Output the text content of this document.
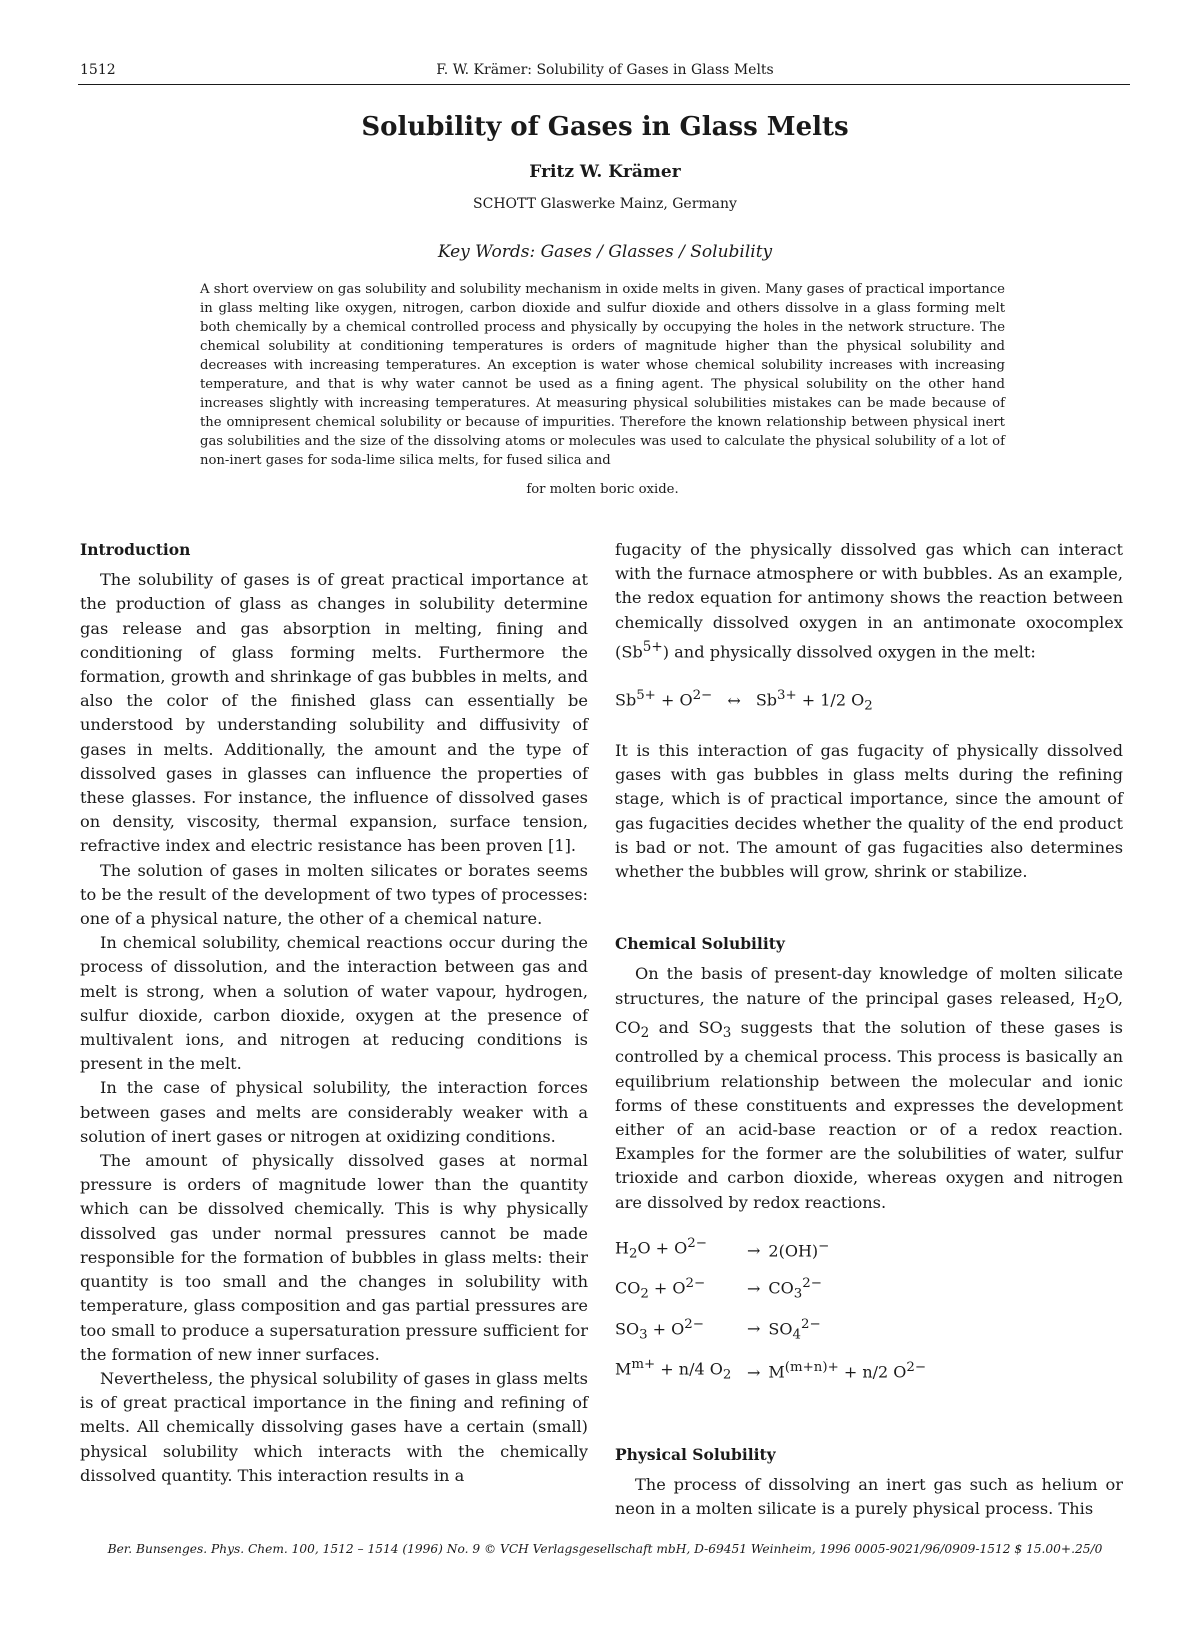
1512	F. W. Krämer: Solubility of Gases in Glass Melts
Solubility of Gases in Glass Melts
Fritz W. Krämer
SCHOTT Glaswerke Mainz, Germany
Key Words: Gases / Glasses / Solubility

A short overview on gas solubility and solubility mechanism in oxide melts in given. Many gases of practical importance in glass melting like oxygen, nitrogen, carbon dioxide and sulfur dioxide and others dissolve in a glass forming melt both chemically by a chemical controlled process and physically by occupying the holes in the network structure. The chemical solubility at conditioning temperatures is orders of magnitude higher than the physical solubility and decreases with increasing temperatures. An exception is water whose chemical solubility increases with increasing temperature, and that is why water cannot be used as a fining agent. The physical solubility on the other hand increases slightly with increasing temperatures. At measuring physical solubilities mistakes can be made because of the omnipresent chemical solubility or because of impurities. Therefore the known relationship between physical inert gas solubilities and the size of the dissolving atoms or molecules was used to calculate the physical solubility of a lot of non-inert gases for soda-lime silica melts, for fused silica and

for molten boric oxide.
Introduction

The solubility of gases is of great practical importance at the production of glass as changes in solubility determine gas release and gas absorption in melting, fining and conditioning of glass forming melts. Furthermore the formation, growth and shrinkage of gas bubbles in melts, and also the color of the finished glass can essentially be understood by understanding solubility and diffusivity of gases in melts. Additionally, the amount and the type of dissolved gases in glasses can influence the properties of these glasses. For instance, the influence of dissolved gases on density, viscosity, thermal expansion, surface tension, refractive index and electric resistance has been proven [1].

The solution of gases in molten silicates or borates seems to be the result of the development of two types of processes: one of a physical nature, the other of a chemical nature.

In chemical solubility, chemical reactions occur during the process of dissolution, and the interaction between gas and melt is strong, when a solution of water vapour, hydrogen, sulfur dioxide, carbon dioxide, oxygen at the presence of multivalent ions, and nitrogen at reducing conditions is present in the melt.

In the case of physical solubility, the interaction forces between gases and melts are considerably weaker with a solution of inert gases or nitrogen at oxidizing conditions.

The amount of physically dissolved gases at normal pressure is orders of magnitude lower than the quantity which can be dissolved chemically. This is why physically dissolved gas under normal pressures cannot be made responsible for the formation of bubbles in glass melts: their quantity is too small and the changes in solubility with temperature, glass composition and gas partial pressures are too small to produce a supersaturation pressure sufficient for the formation of new inner surfaces.

Nevertheless, the physical solubility of gases in glass melts is of great practical importance in the fining and refining of melts. All chemically dissolving gases have a certain (small) physical solubility which interacts with the chemically dissolved quantity. This interaction results in a

fugacity of the physically dissolved gas which can interact with the furnace atmosphere or with bubbles. As an example, the redox equation for antimony shows the reaction between chemically dissolved oxygen in an antimonate oxocomplex $(Sb^{5+})$ and physically dissolved oxygen in the melt:

$Sb^{5+} + O^{2-}$ ↔ $Sb^{3+} + 1/2$ $O_2$

It is this interaction of gas fugacity of physically dissolved gases with gas bubbles in glass melts during the refining stage, which is of practical importance, since the amount of gas fugacities decides whether the quality of the end product is bad or not. The amount of gas fugacities also determines whether the bubbles will grow, shrink or stabilize.

Chemical Solubility

On the basis of present-day knowledge of molten silicate structures, the nature of the principal gases released, $H_2O$, $CO_2$ and $SO_3$ suggests that the solution of these gases is controlled by a chemical process. This process is basically an equilibrium relationship between the molecular and ionic forms of these constituents and expresses the development either of an acid-base reaction or of a redox reaction. Examples for the former are the solubilities of water, sulfur trioxide and carbon dioxide, whereas oxygen and nitrogen are dissolved by redox reactions.

$H_2O + O^{2-}$	→ 2(OH)−
$CO_2 + O^{2-}$	→ $CO_3^{2-}$
$SO_3 + O^{2-}$	→ $SO_4^{2-}$
$M^{m+} + n/4$ $O_2$	→ $M^{(m+n)+} + n/2$ $O^{2-}$
Physical Solubility

The process of dissolving an inert gas such as helium or neon in a molten silicate is a purely physical process. This

Ber. Bunsenges. Phys. Chem. 100, 1512 – 1514 (1996) No. 9 © VCH Verlagsgesellschaft mbH, D-69451 Weinheim, 1996 0005-9021/96/0909-1512 $ 15.00+.25/0
